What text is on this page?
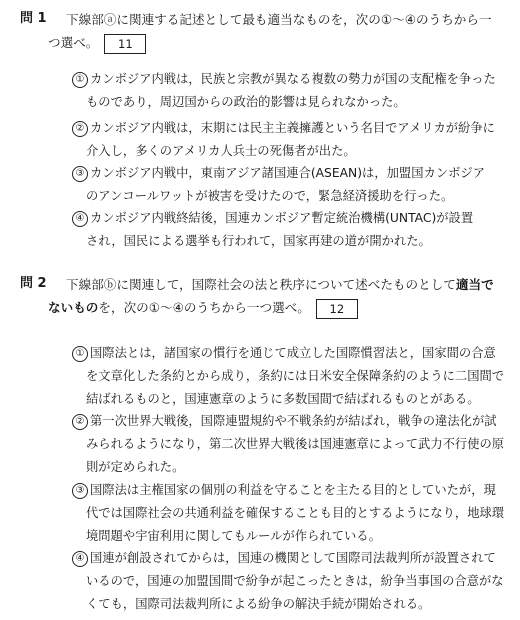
問 1 下線部ⓐに関連する記述として最も適当なものを，次の①〜④のうちから一
つ選べ。 11
① カンボジア内戦は，民族と宗教が異なる複数の勢力が国の支配権を争った
ものであり，周辺国からの政治的影響は見られなかった。
② カンボジア内戦は，末期には民主主義擁護という名目でアメリカが紛争に
介入し，多くのアメリカ人兵士の死傷者が出た。
③ カンボジア内戦中，東南アジア諸国連合(ASEAN)は，加盟国カンボジア
のアンコールワットが被害を受けたので，緊急経済援助を行った。
④ カンボジア内戦終結後，国連カンボジア暫定統治機構(UNTAC)が設置
され，国民による選挙も行われて，国家再建の道が開かれた。
問 2 下線部ⓑに関連して，国際社会の法と秩序について述べたものとして適当で
ないものを，次の①〜④のうちから一つ選べ。 12
① 国際法とは，諸国家の慣行を通じて成立した国際慣習法と，国家間の合意
を文章化した条約とから成り，条約には日米安全保障条約のように二国間で
結ばれるものと，国連憲章のように多数国間で結ばれるものとがある。
② 第一次世界大戦後，国際連盟規約や不戦条約が結ばれ，戦争の違法化が試
みられるようになり，第二次世界大戦後は国連憲章によって武力不行使の原
則が定められた。
③ 国際法は主権国家の個別の利益を守ることを主たる目的としていたが，現
代では国際社会の共通利益を確保することも目的とするようになり，地球環
境問題や宇宙利用に関してもルールが作られている。
④ 国連が創設されてからは，国連の機関として国際司法裁判所が設置されて
いるので，国連の加盟国間で紛争が起こったときは，紛争当事国の合意がな
くても，国際司法裁判所による紛争の解決手続が開始される。
